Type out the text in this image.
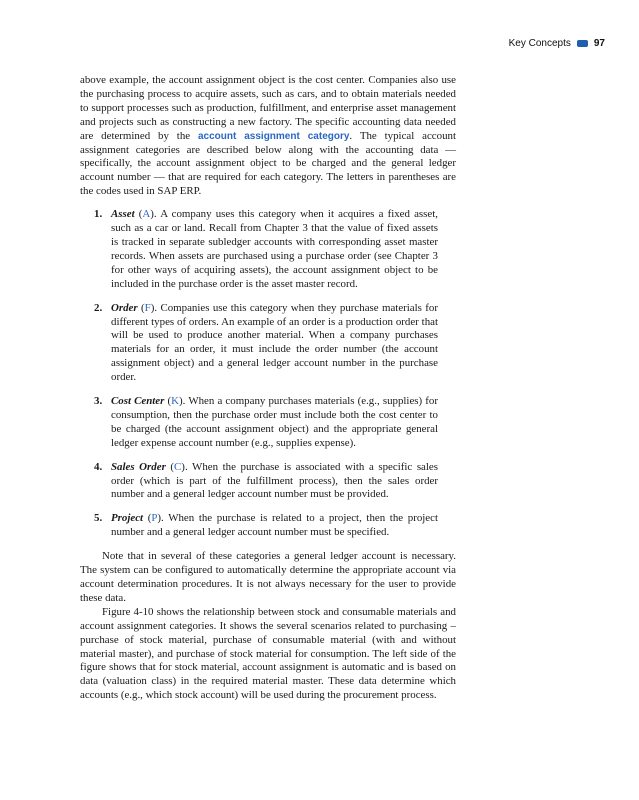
Key Concepts 97

above example, the account assignment object is the cost center. Companies also use the purchasing process to acquire assets, such as cars, and to obtain materials needed to support processes such as production, fulfillment, and enterprise asset management and projects such as constructing a new factory. The specific accounting data needed are determined by the account assignment category. The typical account assignment categories are described below along with the accounting data — specifically, the account assignment object to be charged and the general ledger account number — that are required for each category. The letters in parentheses are the codes used in SAP ERP.

1. Asset (A). A company uses this category when it acquires a fixed asset, such as a car or land. Recall from Chapter 3 that the value of fixed assets is tracked in separate subledger accounts with corresponding asset master records. When assets are purchased using a purchase order (see Chapter 3 for other ways of acquiring assets), the account assignment object to be included in the purchase order is the asset master record.
2. Order (F). Companies use this category when they purchase materials for different types of orders. An example of an order is a production order that will be used to produce another material. When a company purchases materials for an order, it must include the order number (the account assignment object) and a general ledger account number in the purchase order.
3. Cost Center (K). When a company purchases materials (e.g., supplies) for consumption, then the purchase order must include both the cost center to be charged (the account assignment object) and the appropriate general ledger expense account number (e.g., supplies expense).
4. Sales Order (C). When the purchase is associated with a specific sales order (which is part of the fulfillment process), then the sales order number and a general ledger account number must be provided.
5. Project (P). When the purchase is related to a project, then the project number and a general ledger account number must be specified.

Note that in several of these categories a general ledger account is necessary. The system can be configured to automatically determine the appropriate account via account determination procedures. It is not always necessary for the user to provide these data.

Figure 4-10 shows the relationship between stock and consumable materials and account assignment categories. It shows the several scenarios related to purchasing – purchase of stock material, purchase of consumable material (with and without material master), and purchase of stock material for consumption. The left side of the figure shows that for stock material, account assignment is automatic and is based on data (valuation class) in the required material master. These data determine which accounts (e.g., which stock account) will be used during the procurement process.
